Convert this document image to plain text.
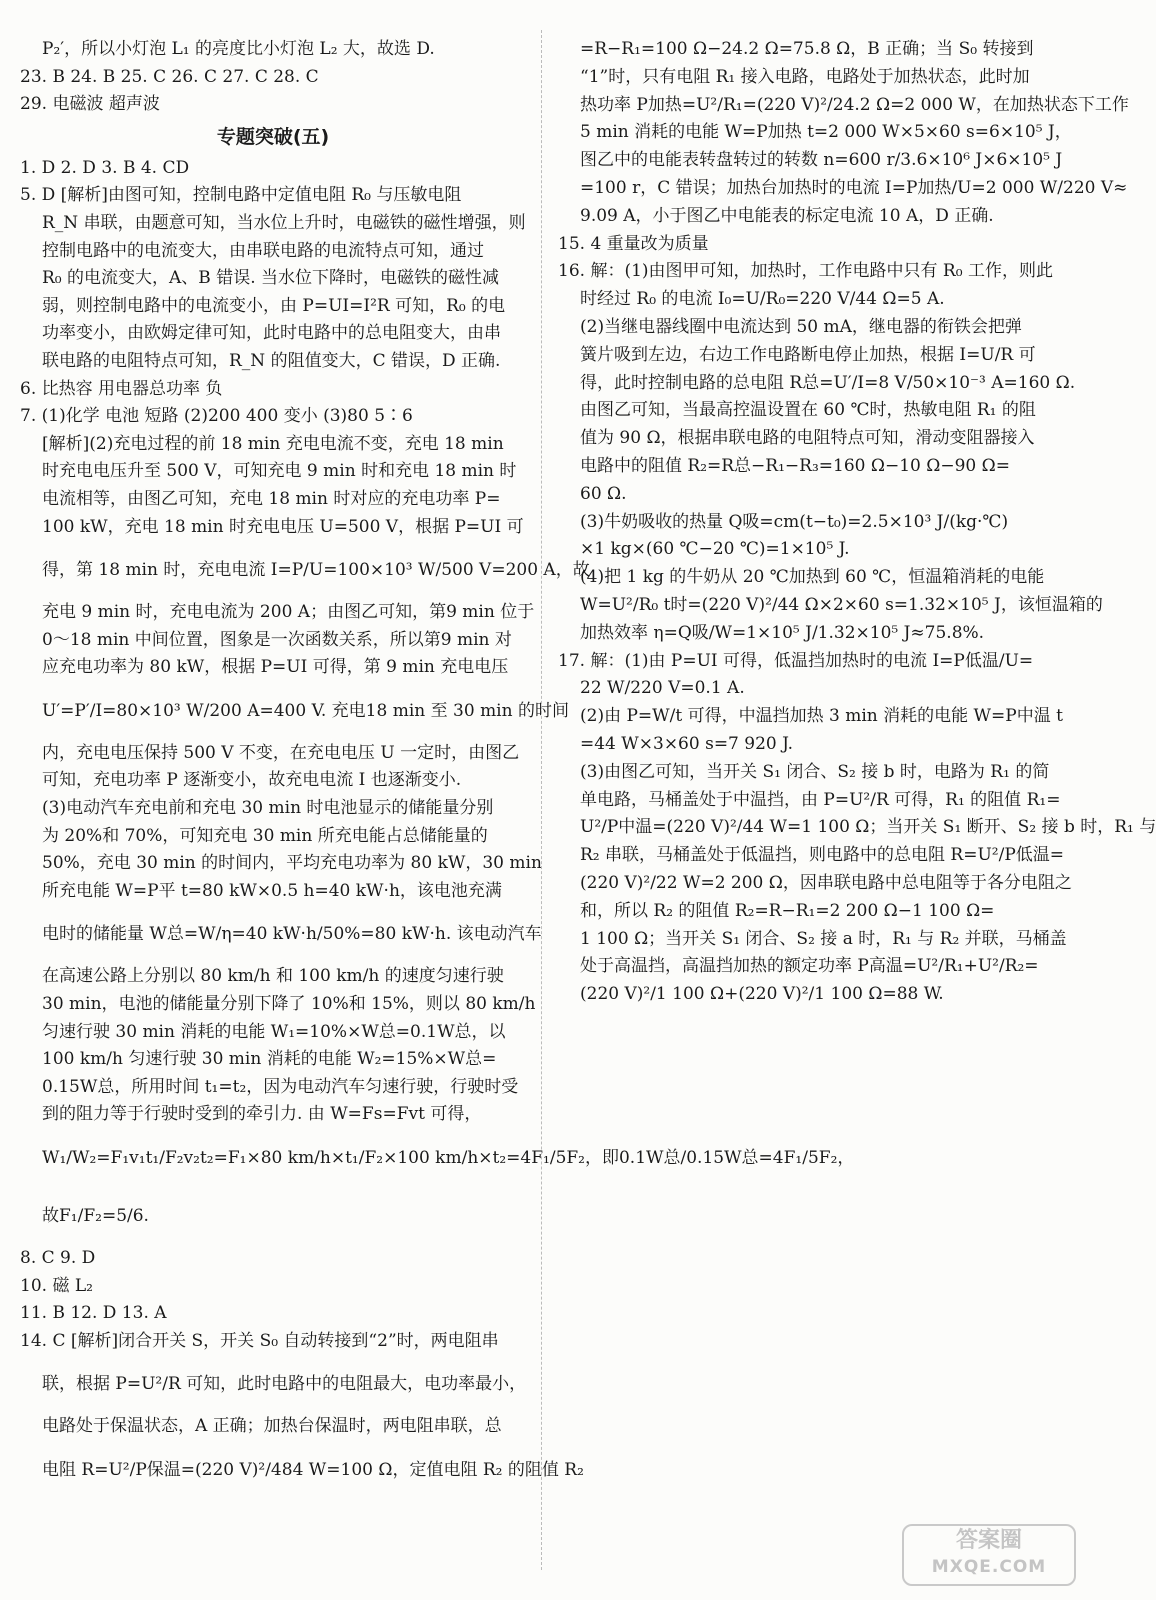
P₂′，所以小灯泡 L₁ 的亮度比小灯泡 L₂ 大，故选 D.
23. B 24. B 25. C 26. C 27. C 28. C
29. 电磁波 超声波
专题突破(五)
1. D 2. D 3. B 4. CD
5. D [解析]由图可知，控制电路中定值电阻 R₀ 与压敏电阻
R_N 串联，由题意可知，当水位上升时，电磁铁的磁性增强，则
控制电路中的电流变大，由串联电路的电流特点可知，通过
R₀ 的电流变大，A、B 错误. 当水位下降时，电磁铁的磁性减
弱，则控制电路中的电流变小，由 P=UI=I²R 可知，R₀ 的电
功率变小，由欧姆定律可知，此时电路中的总电阻变大，由串
联电路的电阻特点可知，R_N 的阻值变大，C 错误，D 正确.
6. 比热容 用电器总功率 负
7. (1)化学 电池 短路 (2)200 400 变小 (3)80 5∶6
[解析](2)充电过程的前 18 min 充电电流不变，充电 18 min
时充电电压升至 500 V，可知充电 9 min 时和充电 18 min 时
电流相等，由图乙可知，充电 18 min 时对应的充电功率 P=
100 kW，充电 18 min 时充电电压 U=500 V，根据 P=UI 可
得，第 18 min 时，充电电流 I=P/U=100×10³ W/500 V=200 A，故
充电 9 min 时，充电电流为 200 A；由图乙可知，第9 min 位于
0～18 min 中间位置，图象是一次函数关系，所以第9 min 对
应充电功率为 80 kW，根据 P=UI 可得，第 9 min 充电电压
U′=P′/I=80×10³ W/200 A=400 V. 充电18 min 至 30 min 的时间
内，充电电压保持 500 V 不变，在充电电压 U 一定时，由图乙
可知，充电功率 P 逐渐变小，故充电电流 I 也逐渐变小.
(3)电动汽车充电前和充电 30 min 时电池显示的储能量分别
为 20%和 70%，可知充电 30 min 所充电能占总储能量的
50%，充电 30 min 的时间内，平均充电功率为 80 kW，30 min
所充电能 W=P平 t=80 kW×0.5 h=40 kW·h，该电池充满
电时的储能量 W总=W/η=40 kW·h/50%=80 kW·h. 该电动汽车
在高速公路上分别以 80 km/h 和 100 km/h 的速度匀速行驶
30 min，电池的储能量分别下降了 10%和 15%，则以 80 km/h
匀速行驶 30 min 消耗的电能 W₁=10%×W总=0.1W总，以
100 km/h 匀速行驶 30 min 消耗的电能 W₂=15%×W总=
0.15W总，所用时间 t₁=t₂，因为电动汽车匀速行驶，行驶时受
到的阻力等于行驶时受到的牵引力. 由 W=Fs=Fvt 可得，
W₁/W₂=F₁v₁t₁/F₂v₂t₂=F₁×80 km/h×t₁/F₂×100 km/h×t₂=4F₁/5F₂，即0.1W总/0.15W总=4F₁/5F₂，
故F₁/F₂=5/6.
8. C 9. D
10. 磁 L₂
11. B 12. D 13. A
14. C [解析]闭合开关 S，开关 S₀ 自动转接到“2”时，两电阻串
联，根据 P=U²/R 可知，此时电路中的电阻最大，电功率最小，
电路处于保温状态，A 正确；加热台保温时，两电阻串联，总
电阻 R=U²/P保温=(220 V)²/484 W=100 Ω，定值电阻 R₂ 的阻值 R₂
=R−R₁=100 Ω−24.2 Ω=75.8 Ω，B 正确；当 S₀ 转接到
“1”时，只有电阻 R₁ 接入电路，电路处于加热状态，此时加
热功率 P加热=U²/R₁=(220 V)²/24.2 Ω=2 000 W，在加热状态下工作
5 min 消耗的电能 W=P加热 t=2 000 W×5×60 s=6×10⁵ J，
图乙中的电能表转盘转过的转数 n=600 r/3.6×10⁶ J×6×10⁵ J
=100 r，C 错误；加热台加热时的电流 I=P加热/U=2 000 W/220 V≈
9.09 A，小于图乙中电能表的标定电流 10 A，D 正确.
15. 4 重量改为质量
16. 解：(1)由图甲可知，加热时，工作电路中只有 R₀ 工作，则此
时经过 R₀ 的电流 I₀=U/R₀=220 V/44 Ω=5 A.
(2)当继电器线圈中电流达到 50 mA，继电器的衔铁会把弹
簧片吸到左边，右边工作电路断电停止加热，根据 I=U/R 可
得，此时控制电路的总电阻 R总=U′/I=8 V/50×10⁻³ A=160 Ω.
由图乙可知，当最高控温设置在 60 ℃时，热敏电阻 R₁ 的阻
值为 90 Ω，根据串联电路的电阻特点可知，滑动变阻器接入
电路中的阻值 R₂=R总−R₁−R₃=160 Ω−10 Ω−90 Ω=
60 Ω.
(3)牛奶吸收的热量 Q吸=cm(t−t₀)=2.5×10³ J/(kg·℃)
×1 kg×(60 ℃−20 ℃)=1×10⁵ J.
(4)把 1 kg 的牛奶从 20 ℃加热到 60 ℃，恒温箱消耗的电能
W=U²/R₀ t时=(220 V)²/44 Ω×2×60 s=1.32×10⁵ J，该恒温箱的
加热效率 η=Q吸/W=1×10⁵ J/1.32×10⁵ J≈75.8%.
17. 解：(1)由 P=UI 可得，低温挡加热时的电流 I=P低温/U=
22 W/220 V=0.1 A.
(2)由 P=W/t 可得，中温挡加热 3 min 消耗的电能 W=P中温 t
=44 W×3×60 s=7 920 J.
(3)由图乙可知，当开关 S₁ 闭合、S₂ 接 b 时，电路为 R₁ 的简
单电路，马桶盖处于中温挡，由 P=U²/R 可得，R₁ 的阻值 R₁=
U²/P中温=(220 V)²/44 W=1 100 Ω；当开关 S₁ 断开、S₂ 接 b 时，R₁ 与
R₂ 串联，马桶盖处于低温挡，则电路中的总电阻 R=U²/P低温=
(220 V)²/22 W=2 200 Ω，因串联电路中总电阻等于各分电阻之
和，所以 R₂ 的阻值 R₂=R−R₁=2 200 Ω−1 100 Ω=
1 100 Ω；当开关 S₁ 闭合、S₂ 接 a 时，R₁ 与 R₂ 并联，马桶盖
处于高温挡，高温挡加热的额定功率 P高温=U²/R₁+U²/R₂=
(220 V)²/1 100 Ω+(220 V)²/1 100 Ω=88 W.
答案圈
MXQE.COM
